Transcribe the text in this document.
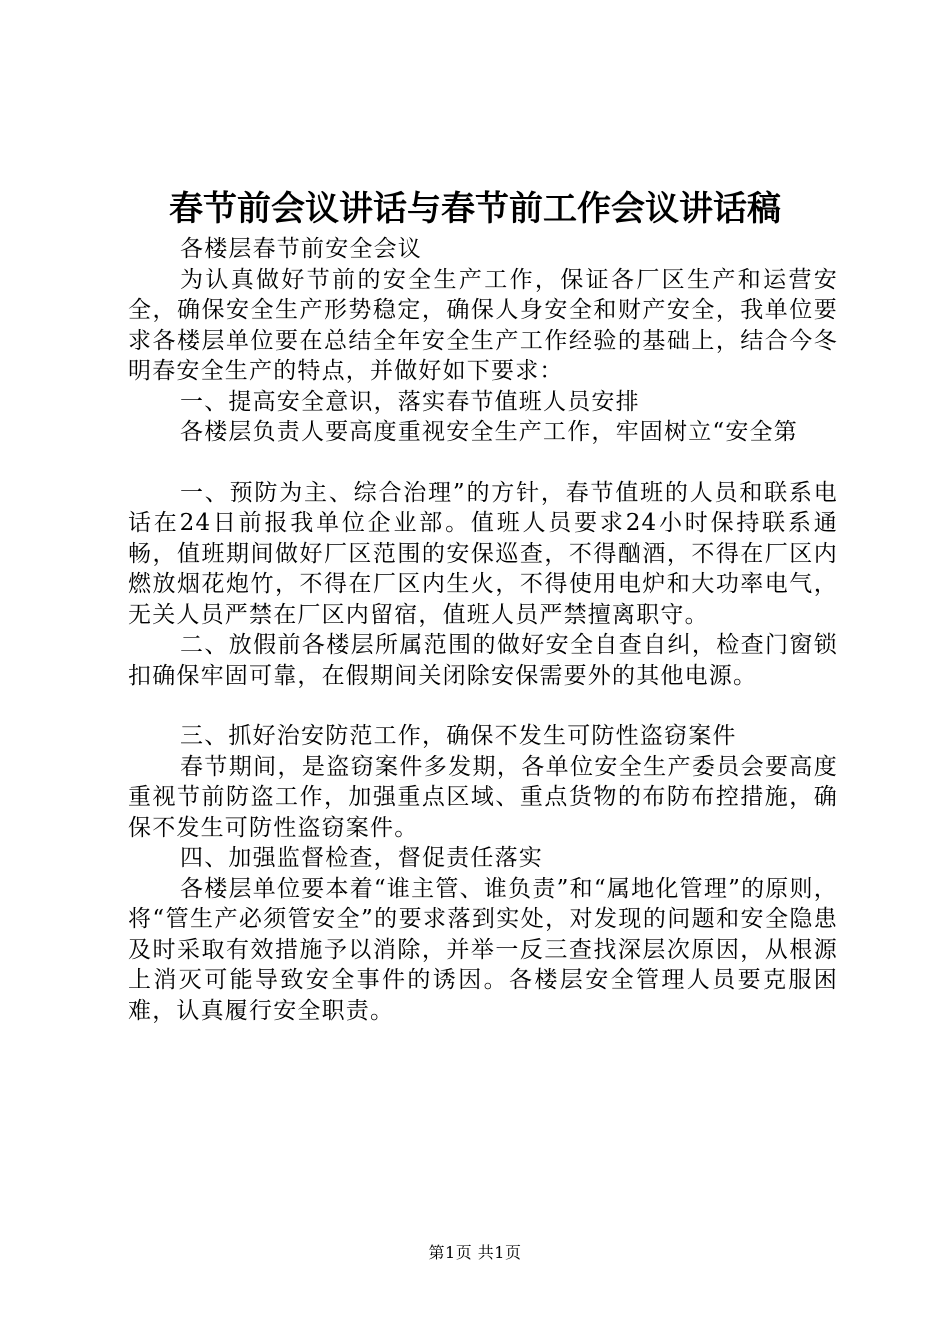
春节前会议讲话与春节前工作会议讲话稿

各楼层春节前安全会议

为认真做好节前的安全生产工作，保证各厂区生产和运营安全，确保安全生产形势稳定，确保人身安全和财产安全，我单位要求各楼层单位要在总结全年安全生产工作经验的基础上，结合今冬明春安全生产的特点，并做好如下要求：

一、提高安全意识，落实春节值班人员安排

各楼层负责人要高度重视安全生产工作，牢固树立“安全第

一、预防为主、综合治理”的方针，春节值班的人员和联系电话在24日前报我单位企业部。值班人员要求24小时保持联系通畅，值班期间做好厂区范围的安保巡查，不得酗酒，不得在厂区内燃放烟花炮竹，不得在厂区内生火，不得使用电炉和大功率电气，无关人员严禁在厂区内留宿，值班人员严禁擅离职守。

二、放假前各楼层所属范围的做好安全自查自纠，检查门窗锁扣确保牢固可靠，在假期间关闭除安保需要外的其他电源。

三、抓好治安防范工作，确保不发生可防性盗窃案件

春节期间，是盗窃案件多发期，各单位安全生产委员会要高度重视节前防盗工作，加强重点区域、重点货物的布防布控措施，确保不发生可防性盗窃案件。

四、加强监督检查，督促责任落实

各楼层单位要本着“谁主管、谁负责”和“属地化管理”的原则，将“管生产必须管安全”的要求落到实处，对发现的问题和安全隐患及时采取有效措施予以消除，并举一反三查找深层次原因，从根源上消灭可能导致安全事件的诱因。各楼层安全管理人员要克服困难，认真履行安全职责。

第1页 共1页
